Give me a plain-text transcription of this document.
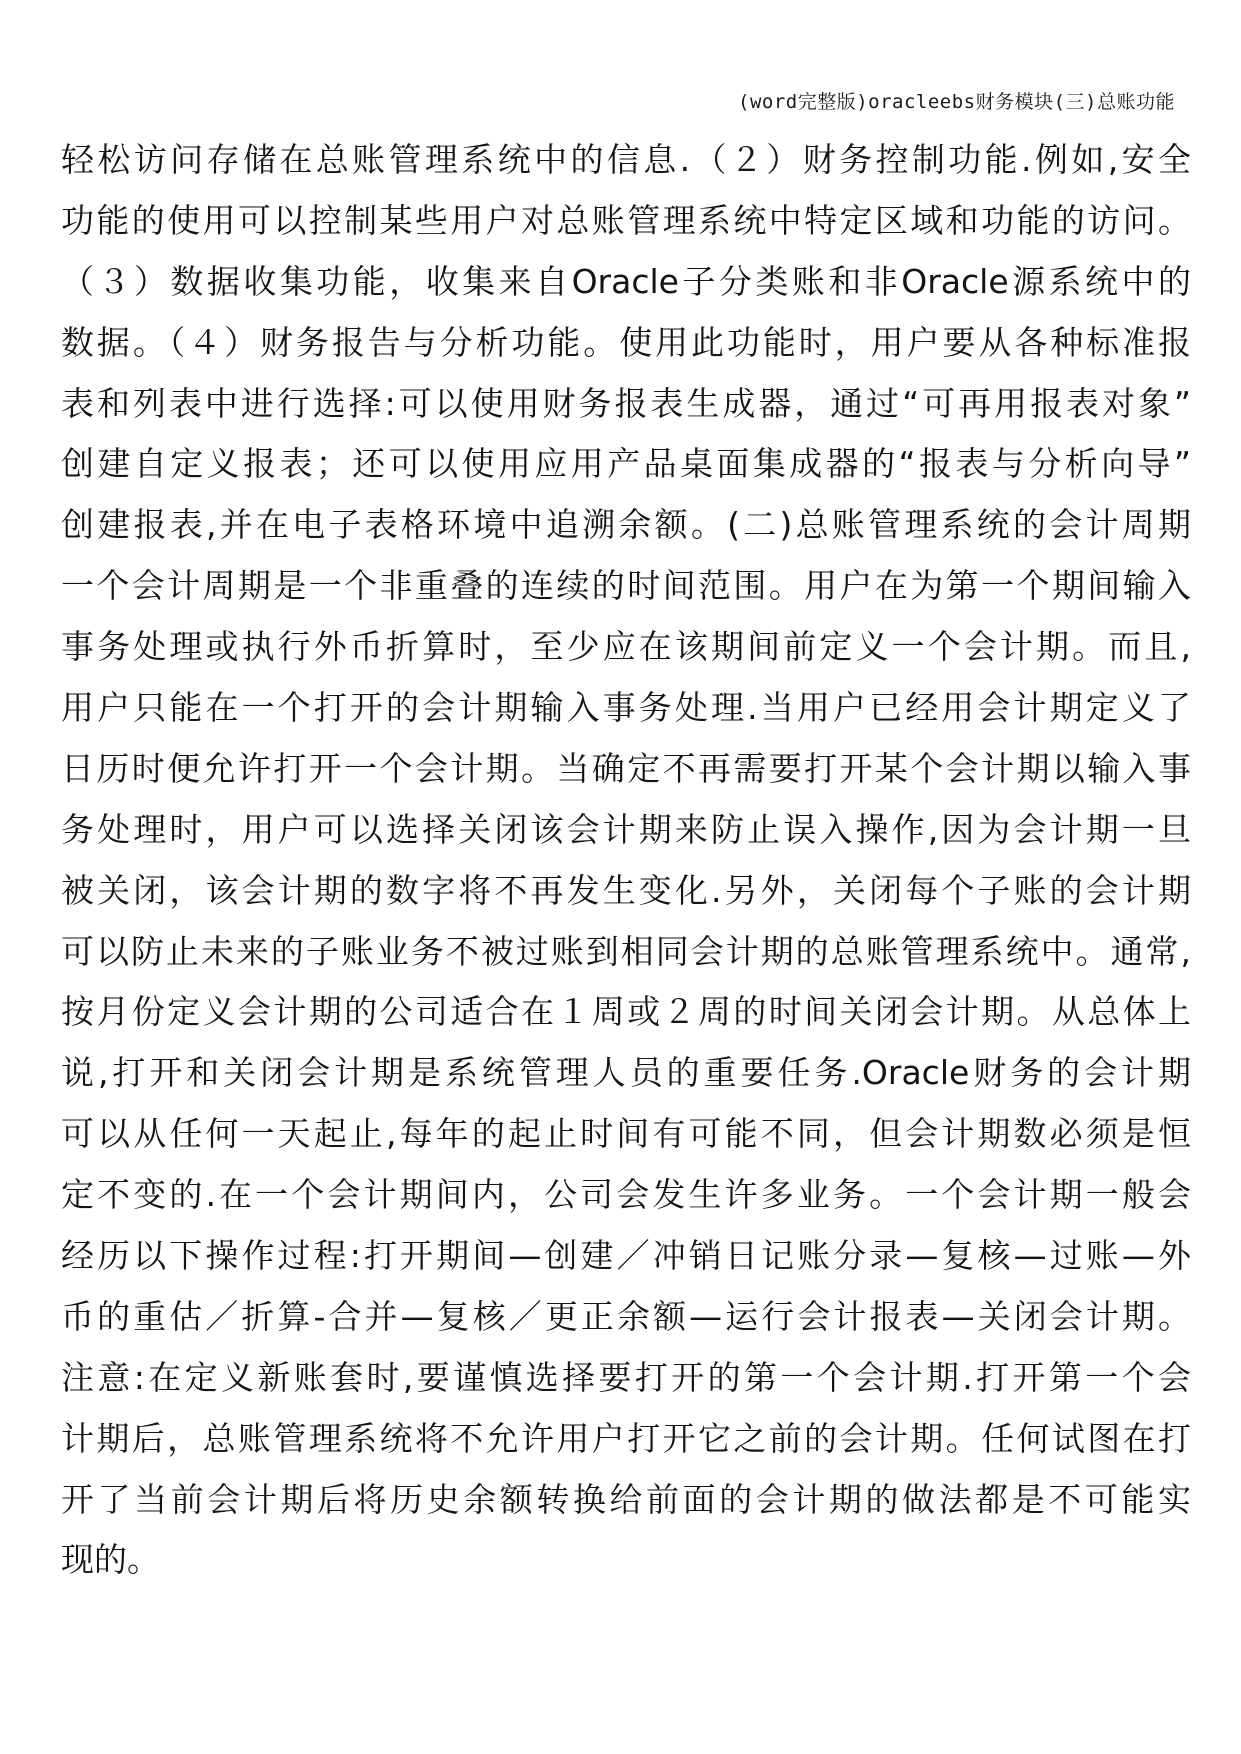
(word完整版)oracleebs财务模块(三)总账功能
轻松访问存储在总账管理系统中的信息.（２）财务控制功能.例如,安全
功能的使用可以控制某些用户对总账管理系统中特定区域和功能的访问。
（３）数据收集功能，收集来自Oracle子分类账和非Oracle源系统中的
数据。（４）财务报告与分析功能。使用此功能时，用户要从各种标准报
表和列表中进行选择:可以使用财务报表生成器，通过“可再用报表对象”
创建自定义报表；还可以使用应用产品桌面集成器的“报表与分析向导”
创建报表,并在电子表格环境中追溯余额。(二)总账管理系统的会计周期
一个会计周期是一个非重叠的连续的时间范围。用户在为第一个期间输入
事务处理或执行外币折算时，至少应在该期间前定义一个会计期。而且,
用户只能在一个打开的会计期输入事务处理.当用户已经用会计期定义了
日历时便允许打开一个会计期。当确定不再需要打开某个会计期以输入事
务处理时，用户可以选择关闭该会计期来防止误入操作,因为会计期一旦
被关闭，该会计期的数字将不再发生变化.另外，关闭每个子账的会计期
可以防止未来的子账业务不被过账到相同会计期的总账管理系统中。通常,
按月份定义会计期的公司适合在１周或２周的时间关闭会计期。从总体上
说,打开和关闭会计期是系统管理人员的重要任务.Oracle财务的会计期
可以从任何一天起止,每年的起止时间有可能不同，但会计期数必须是恒
定不变的.在一个会计期间内，公司会发生许多业务。一个会计期一般会
经历以下操作过程:打开期间—创建／冲销日记账分录—复核—过账—外
币的重估／折算-合并—复核／更正余额—运行会计报表—关闭会计期。
注意:在定义新账套时,要谨慎选择要打开的第一个会计期.打开第一个会
计期后，总账管理系统将不允许用户打开它之前的会计期。任何试图在打
开了当前会计期后将历史余额转换给前面的会计期的做法都是不可能实
现的。
